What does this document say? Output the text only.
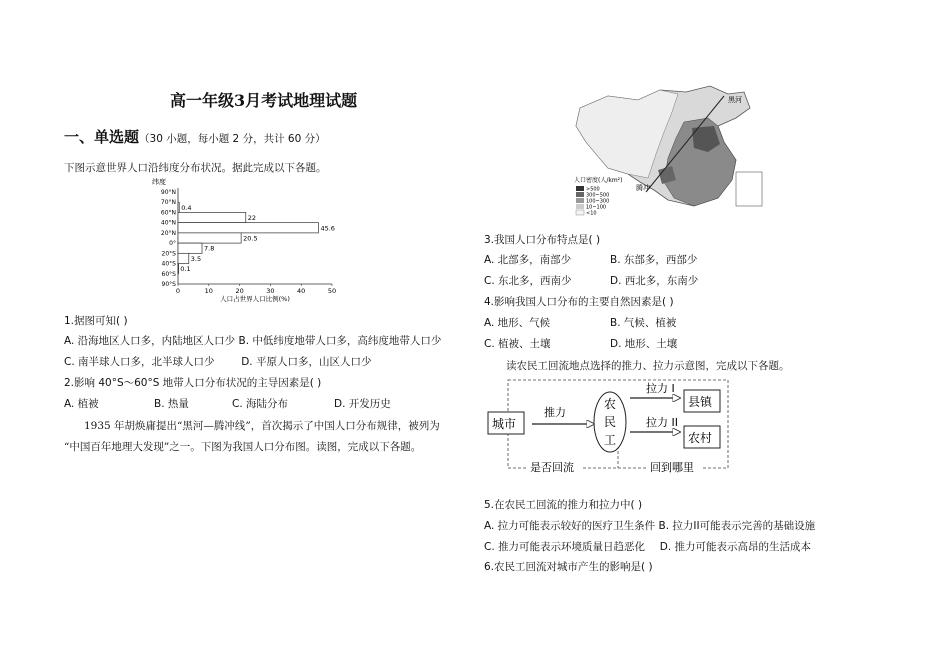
高一年级3月考试地理试题
一、单选题（30 小题，每小题 2 分，共计 60 分）
下图示意世界人口沿纬度分布状况。据此完成以下各题。
纬度
90°N
70°N
60°N
40°N
20°N
0°
20°S
40°S
60°S
90°S
0	10	20	30	40	50
人口占世界人口比例(%)
0.4
22
45.6
20.5
7.8
3.5
0.1
1.据图可知( )
A. 沿海地区人口多，内陆地区人口少 B. 中低纬度地带人口多，高纬度地带人口少
C. 南半球人口多，北半球人口少	D. 平原人口多，山区人口少
2.影响 40°S～60°S 地带人口分布状况的主导因素是( )
A. 植被	B. 热量	C. 海陆分布	D. 开发历史
1935 年胡焕庸提出“黑河—腾冲线”，首次揭示了中国人口分布规律，被列为
“中国百年地理大发现”之一。下图为我国人口分布图。读图，完成以下各题。
黑河
腾冲
人口密度(人/km²)
>500
300~500
100~300
10~100
<10
3.我国人口分布特点是( )
A. 北部多，南部少	B. 东部多，西部少
C. 东北多，西南少	D. 西北多，东南少
4.影响我国人口分布的主要自然因素是( )
A. 地形、气候	B. 气候、植被
C. 植被、土壤	D. 地形、土壤
读农民工回流地点选择的推力、拉力示意图，完成以下各题。
城市
推力
农
民
工
拉力 I
拉力 II
县镇
农村
是否回流	回到哪里
5.在农民工回流的推力和拉力中( )
A. 拉力可能表示较好的医疗卫生条件 B. 拉力II可能表示完善的基础设施
C. 推力可能表示环境质量日趋恶化 D. 推力可能表示高昂的生活成本
6.农民工回流对城市产生的影响是( )
